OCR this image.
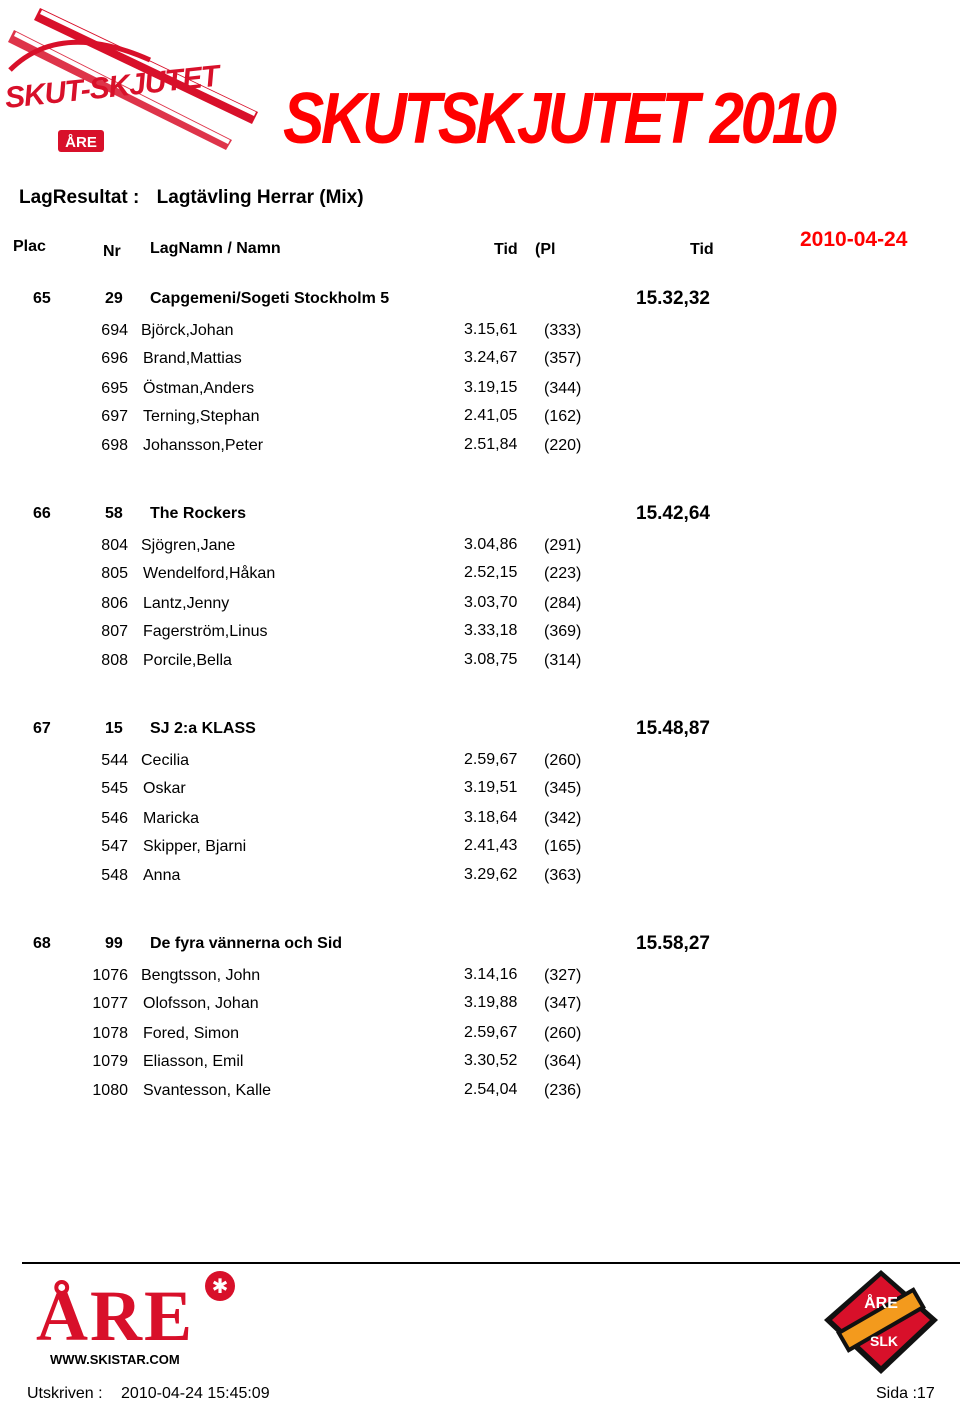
SKUT-SKJUTET
ÅRE	SKUTSKJUTET 2010
LagResultat : Lagtävling Herrar (Mix)
Plac	Nr LagNamn / Namn	Tid (Pl	Tid	2010-04-24
65	29 Capgemeni/Sogeti Stockholm 5	15.32,32
694 Björck,Johan	3.15,61 (333)
696 Brand,Mattias	3.24,67 (357)
695 Östman,Anders	3.19,15 (344)
697 Terning,Stephan	2.41,05 (162)
698 Johansson,Peter	2.51,84 (220)
66	58 The Rockers	15.42,64
804 Sjögren,Jane	3.04,86 (291)
805 Wendelford,Håkan	2.52,15 (223)
806 Lantz,Jenny	3.03,70 (284)
807 Fagerström,Linus	3.33,18 (369)
808 Porcile,Bella	3.08,75 (314)
67	15 SJ 2:a KLASS	15.48,87
544 Cecilia	2.59,67 (260)
545 Oskar	3.19,51 (345)
546 Maricka	3.18,64 (342)
547 Skipper, Bjarni	2.41,43 (165)
548 Anna	3.29,62 (363)
68	99 De fyra vännerna och Sid	15.58,27
1076 Bengtsson, John	3.14,16 (327)
1077 Olofsson, Johan	3.19,88 (347)
1078 Fored, Simon	2.59,67 (260)
1079 Eliasson, Emil	3.30,52 (364)
1080 Svantesson, Kalle	2.54,04 (236)
ÅRE ✱
WWW.SKISTAR.COM
ÅRE
SLK
Utskriven : 2010-04-24 15:45:09	Sida :17
